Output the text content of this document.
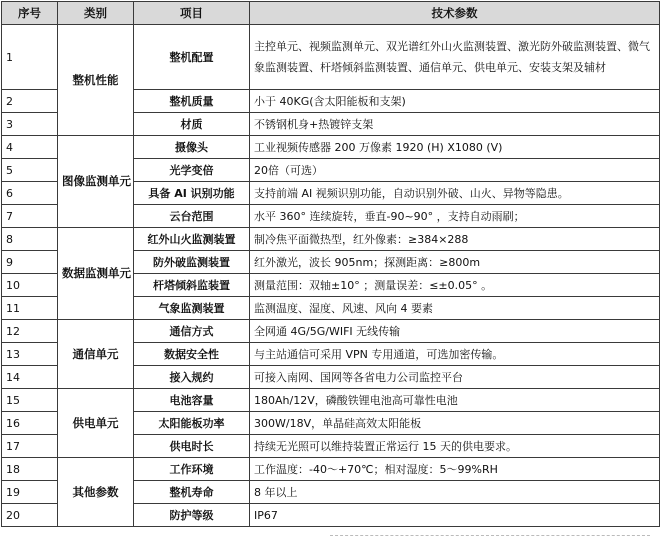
序号	类别	项目	技术参数
1	整机性能	整机配置	主控单元、视频监测单元、双光谱红外山火监测装置、激光防外破监测装置、微气象监测装置、杆塔倾斜监测装置、通信单元、供电单元、安装支架及辅材
2		整机质量	小于 40KG(含太阳能板和支架)
3		材质	不锈钢机身+热镀锌支架
4	图像监测单元	摄像头	工业视频传感器 200 万像素 1920 (H) X1080 (V)
5		光学变倍	20倍（可选）
6		具备 AI 识别功能	支持前端 AI 视频识别功能，自动识别外破、山火、异物等隐患。
7		云台范围	水平 360° 连续旋转，垂直-90~90° ，支持自动雨刷；
8	数据监测单元	红外山火监测装置	制冷焦平面微热型，红外像素：≥384×288
9		防外破监测装置	红外激光，波长 905nm；探测距离：≥800m
10		杆塔倾斜监装置	测量范围：双轴±10° ；测量误差：≤±0.05° 。
11		气象监测装置	监测温度、湿度、风速、风向 4 要素
12	通信单元	通信方式	全网通 4G/5G/WIFI 无线传输
13		数据安全性	与主站通信可采用 VPN 专用通道，可选加密传输。
14		接入规约	可接入南网、国网等各省电力公司监控平台
15	供电单元	电池容量	180Ah/12V，磷酸铁锂电池高可靠性电池
16		太阳能板功率	300W/18V，单晶硅高效太阳能板
17		供电时长	持续无光照可以维持装置正常运行 15 天的供电要求。
18	其他参数	工作环境	工作温度：-40～+70℃；相对湿度：5～99%RH
19		整机寿命	8 年以上
20		防护等级	IP67
